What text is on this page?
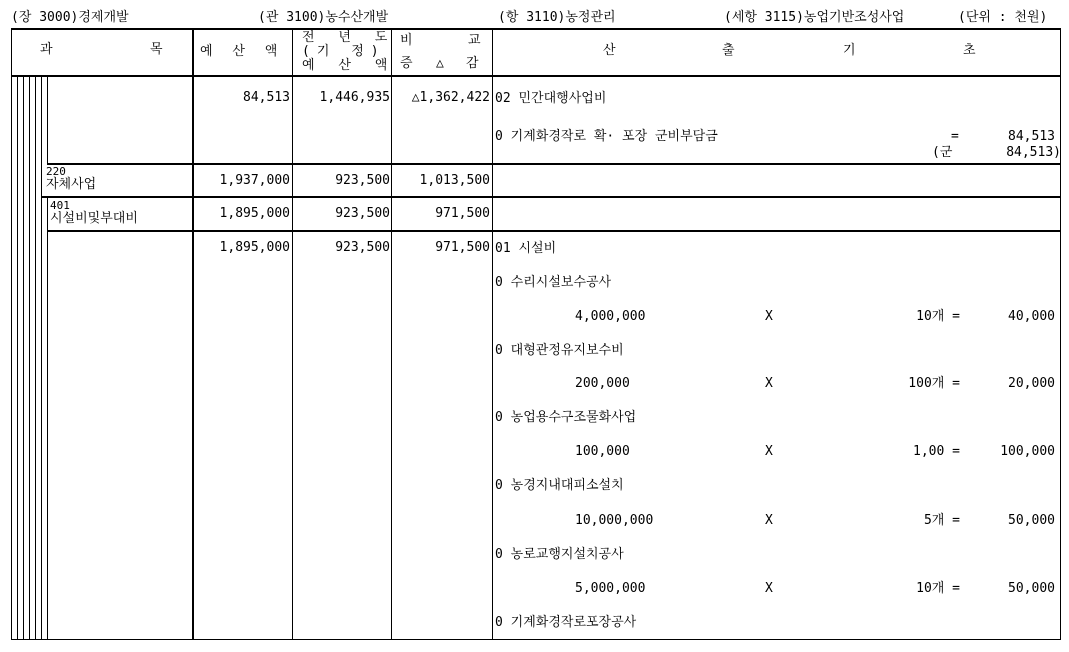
(장 3000)경제개발	(관 3100)농수산개발	(항 3110)농정관리	(세항 3115)농업기반조성사업	(단위 : 천원)
과	목	예 산 액
전 년 도
(기 정)
예 산 액
비	교
증 △ 감
산	출	기	초
84,513 1,446,935 △1,362,422 02 민간대행사업비
0 기계화경작로 확· 포장 군비부담금	=	84,513
(군	84,513)
220
자체사업	1,937,000	923,500 1,013,500
401
시설비및부대비	1,895,000	923,500	971,500
1,895,000	923,500	971,500 01 시설비
0 수리시설보수공사
4,000,000	X	10개 =	40,000
0 대형관정유지보수비
200,000	X	100개 =	20,000
0 농업용수구조물화사업
100,000	X	1,00 =	100,000
0 농경지내대피소설치
10,000,000	X	5개 =	50,000
0 농로교행지설치공사
5,000,000	X	10개 =	50,000
0 기계화경작로포장공사
